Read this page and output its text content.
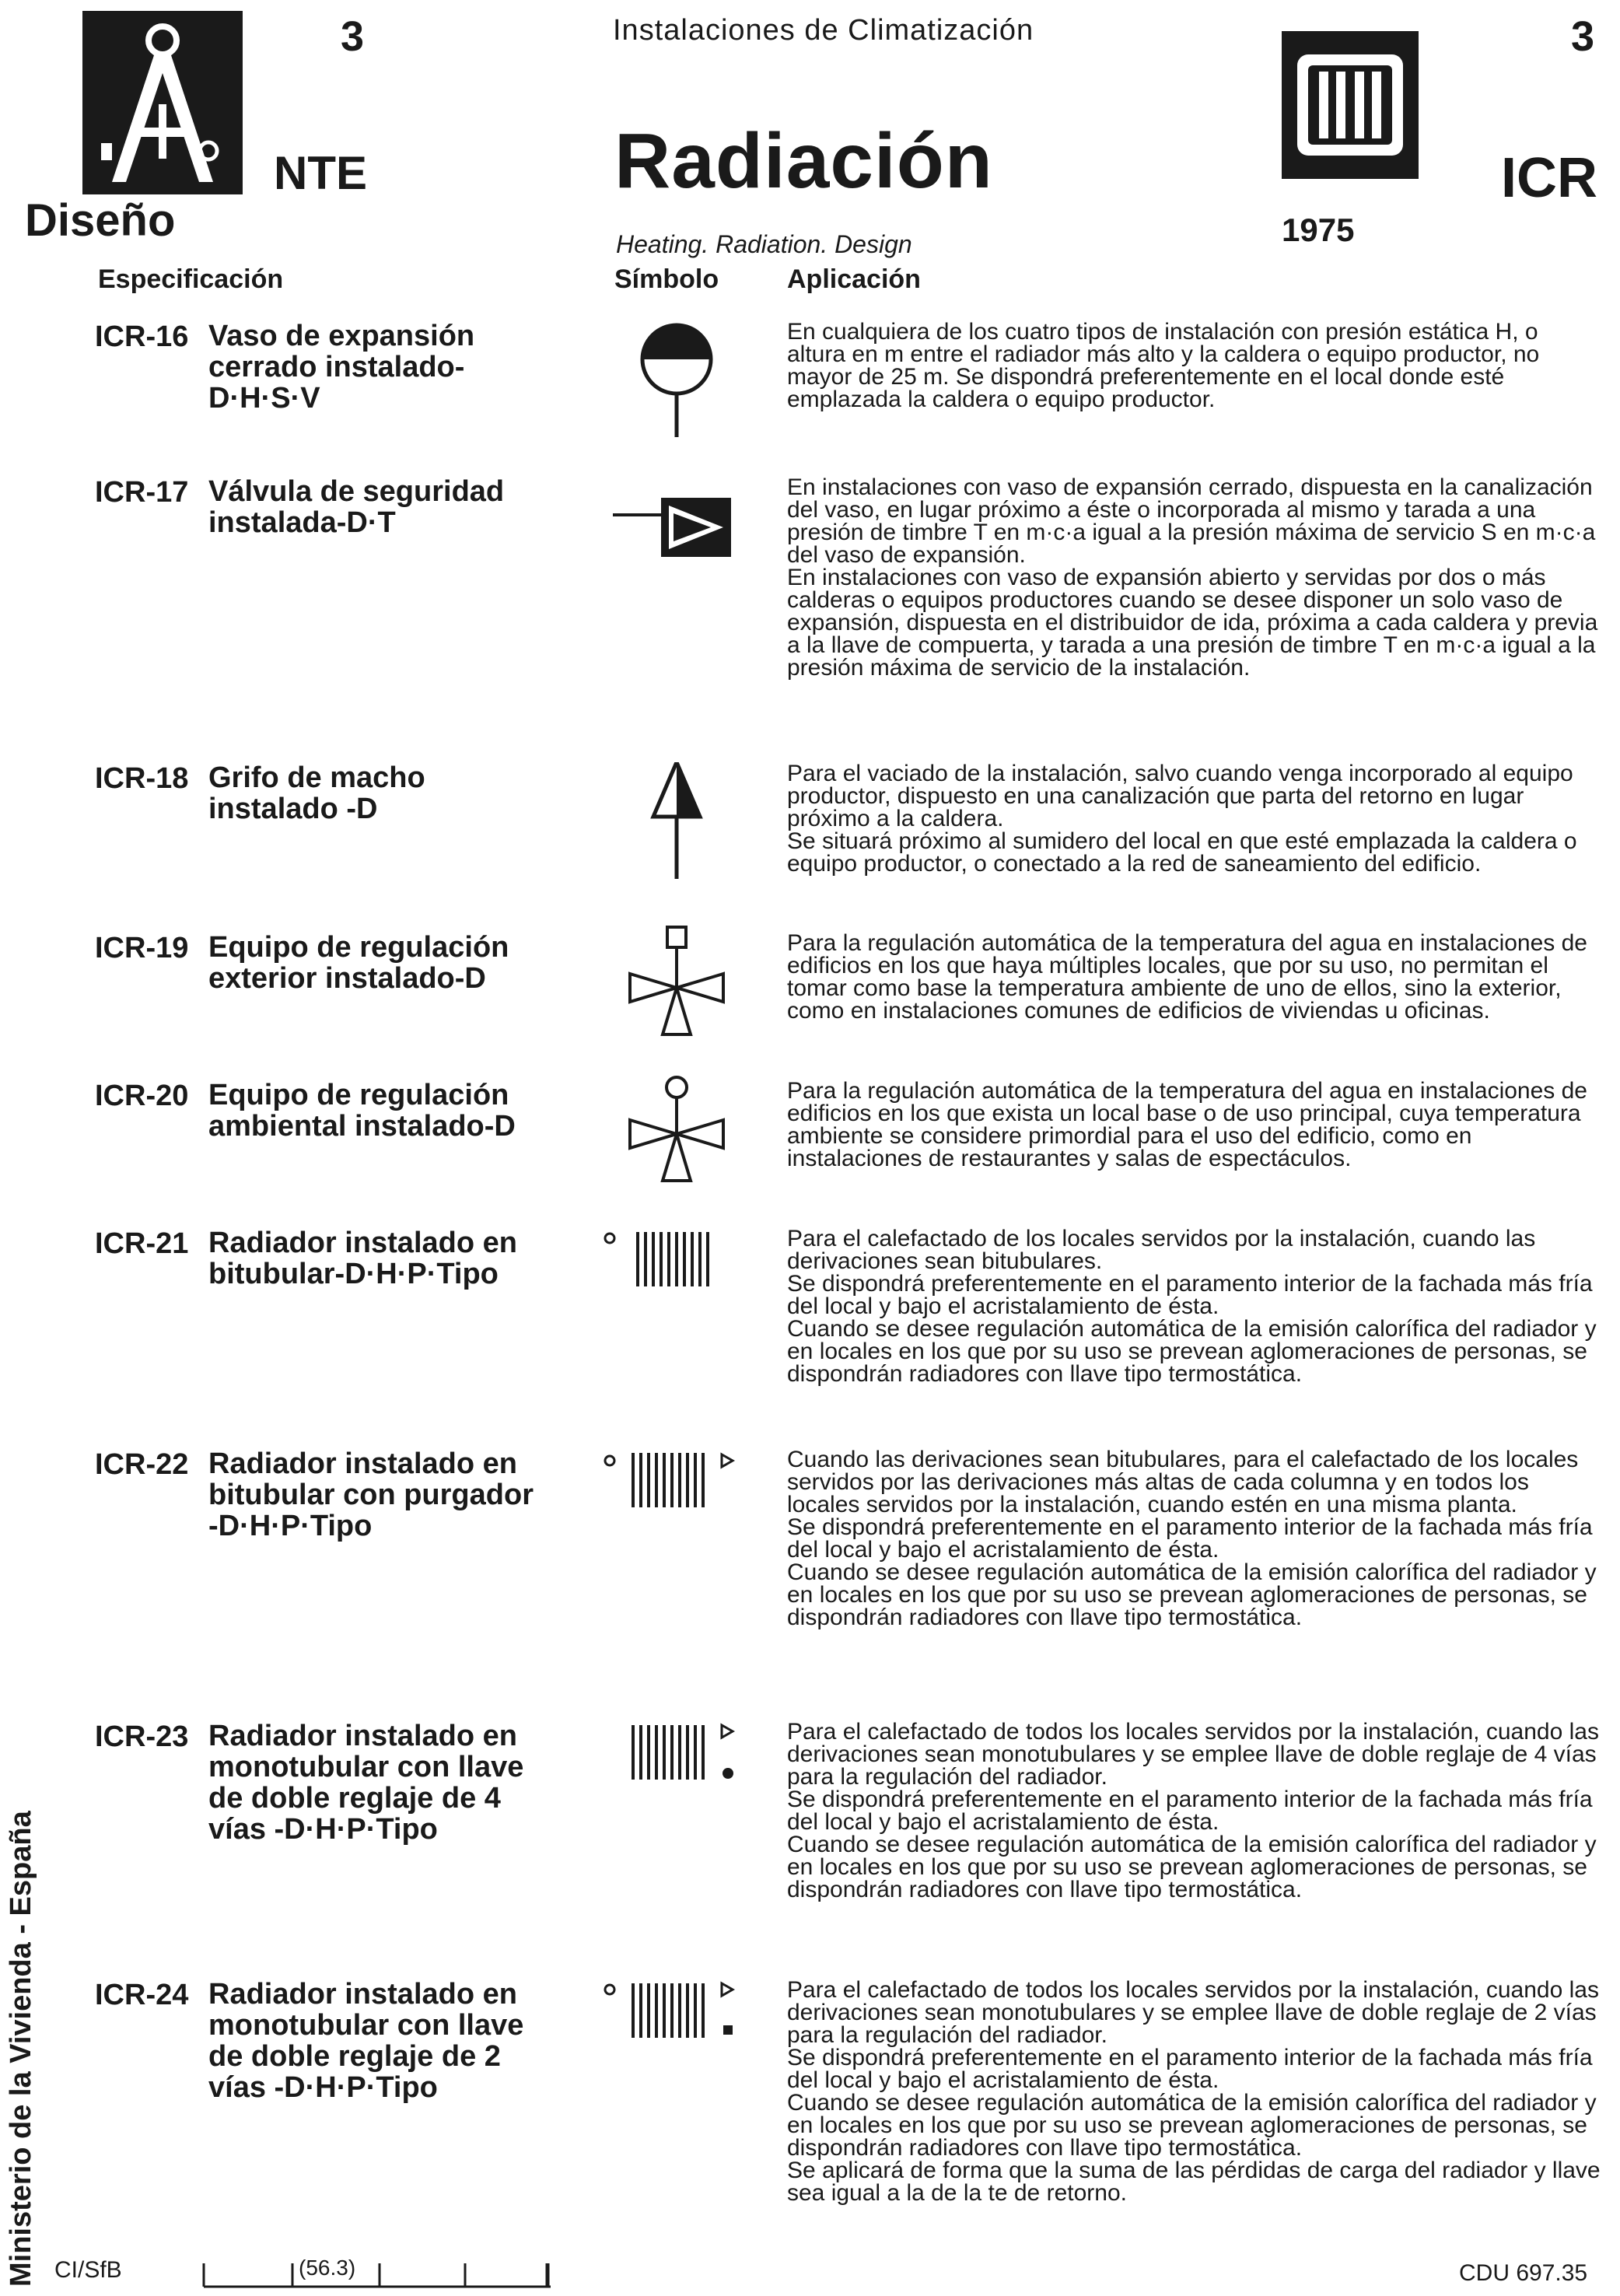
3
NTE
Instalaciones de Climatización
Radiación
Diseño	Heating. Radiation. Design
3
ICR
1975
Especificación	Símbolo	Aplicación
ICR-16 Vaso de expansión cerrado instalado-D·H·S·V
En cualquiera de los cuatro tipos de instalación con presión estática H, o altura en m entre el radiador más alto y la caldera o equipo productor, no mayor de 25 m. Se dispondrá preferentemente en el local donde esté emplazada la caldera o equipo productor.
ICR-17 Válvula de seguridad instalada-D·T
En instalaciones con vaso de expansión cerrado, dispuesta en la canalización del vaso, en lugar próximo a éste o incorporada al mismo y tarada a una presión de timbre T en m·c·a igual a la presión máxima de servicio S en m·c·a del vaso de expansión.
En instalaciones con vaso de expansión abierto y servidas por dos o más calderas o equipos productores cuando se desee disponer un solo vaso de expansión, dispuesta en el distribuidor de ida, próxima a cada caldera y previa a la llave de compuerta, y tarada a una presión de timbre T en m·c·a igual a la presión máxima de servicio de la instalación.
ICR-18 Grifo de macho instalado -D
Para el vaciado de la instalación, salvo cuando venga incorporado al equipo productor, dispuesto en una canalización que parta del retorno en lugar próximo a la caldera.
Se situará próximo al sumidero del local en que esté emplazada la caldera o equipo productor, o conectado a la red de saneamiento del edificio.
ICR-19 Equipo de regulación exterior instalado-D
Para la regulación automática de la temperatura del agua en instalaciones de edificios en los que haya múltiples locales, que por su uso, no permitan el tomar como base la temperatura ambiente de uno de ellos, sino la exterior, como en instalaciones comunes de edificios de viviendas u oficinas.
ICR-20 Equipo de regulación ambiental instalado-D
Para la regulación automática de la temperatura del agua en instalaciones de edificios en los que exista un local base o de uso principal, cuya temperatura ambiente se considere primordial para el uso del edificio, como en instalaciones de restaurantes y salas de espectáculos.
ICR-21 Radiador instalado en bitubular-D·H·P·Tipo
Para el calefactado de los locales servidos por la instalación, cuando las derivaciones sean bitubulares.
Se dispondrá preferentemente en el paramento interior de la fachada más fría del local y bajo el acristalamiento de ésta.
Cuando se desee regulación automática de la emisión calorífica del radiador y en locales en los que por su uso se prevean aglomeraciones de personas, se dispondrán radiadores con llave tipo termostática.
ICR-22 Radiador instalado en bitubular con purgador -D·H·P·Tipo
Cuando las derivaciones sean bitubulares, para el calefactado de los locales servidos por las derivaciones más altas de cada columna y en todos los locales servidos por la instalación, cuando estén en una misma planta.
Se dispondrá preferentemente en el paramento interior de la fachada más fría del local y bajo el acristalamiento de ésta.
Cuando se desee regulación automática de la emisión calorífica del radiador y en locales en los que por su uso se prevean aglomeraciones de personas, se dispondrán radiadores con llave tipo termostática.
ICR-23 Radiador instalado en monotubular con llave de doble reglaje de 4 vías -D·H·P·Tipo
Para el calefactado de todos los locales servidos por la instalación, cuando las derivaciones sean monotubulares y se emplee llave de doble reglaje de 4 vías para la regulación del radiador.
Se dispondrá preferentemente en el paramento interior de la fachada más fría del local y bajo el acristalamiento de ésta.
Cuando se desee regulación automática de la emisión calorífica del radiador y en locales en los que por su uso se prevean aglomeraciones de personas, se dispondrán radiadores con llave tipo termostática.
ICR-24 Radiador instalado en monotubular con llave de doble reglaje de 2 vías -D·H·P·Tipo
Para el calefactado de todos los locales servidos por la instalación, cuando las derivaciones sean monotubulares y se emplee llave de doble reglaje de 2 vías para la regulación del radiador.
Se dispondrá preferentemente en el paramento interior de la fachada más fría del local y bajo el acristalamiento de ésta.
Cuando se desee regulación automática de la emisión calorífica del radiador y en locales en los que por su uso se prevean aglomeraciones de personas, se dispondrán radiadores con llave tipo termostática.
Se aplicará de forma que la suma de las pérdidas de carga del radiador y llave sea igual a la de la te de retorno.
Ministerio de la Vivienda - España CI/SfB	(56.3)	CDU 697.35
